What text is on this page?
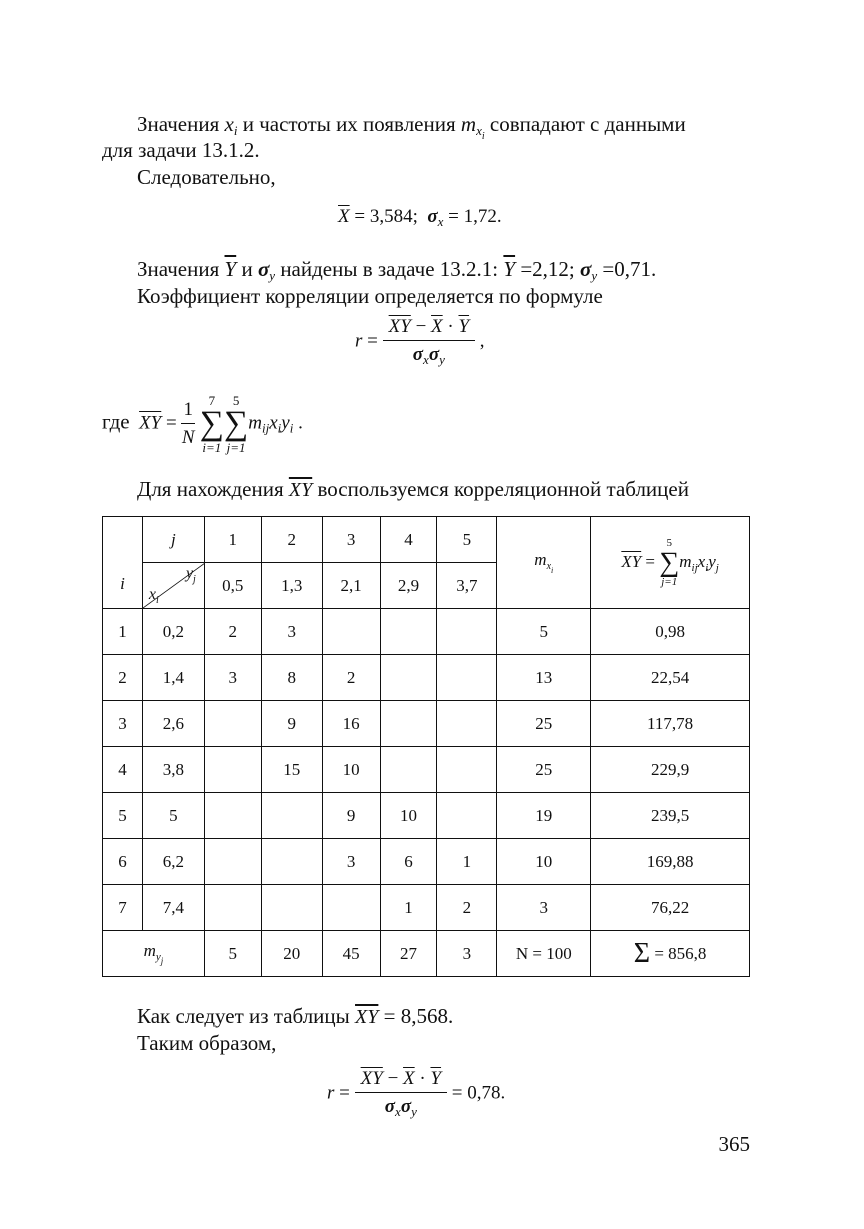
Значения $x_i$ и частоты их появления $m_{x_i}$ совпадают с данными
для задачи 13.1.2.
Следовательно,
$\overline{X} = 3,584$;  $\sigma_x = 1,72$.
Значения $\overline{Y}$ и $\sigma_y$ найдены в задаче 13.2.1: $\overline{Y} =2,12$; $\sigma_y =0,71$.
Коэффициент корреляции определяется по формуле
$r = \frac{\overline{XY} - \overline{X} \cdot \overline{Y}}{\sigma_x\sigma_y}$ ,
где $\overline{XY} = \frac{1}{N}$
	7
∑
i=1
5
∑
j=1
$m_{ij}x_iy_i$ .
Для нахождения $\overline{XY}$ воспользуемся корреляционной таблицей
i	j	1	2	3	4	5	$m_{x_i}$	$\overline{XY}$ =
5
∑
j=1
$m_{ij}x_iy_j$

	$y_j$
$x_i$	0,5	1,3	2,1	2,9	3,7		
1	0,2	2	3				5	0,98
2	1,4	3	8	2			13	22,54
3	2,6		9	16			25	117,78
4	3,8		15	10			25	229,9
5	5			9	10		19	239,5
6	6,2			3	6	1	10	169,88
7	7,4				1	2	3	76,22
$m_{y_j}$		5	20	45	27	3	N = 100	Σ = 856,8
Как следует из таблицы $\overline{XY} = 8,568$.
Таким образом,
$r = \frac{\overline{XY} - \overline{X} \cdot \overline{Y}}{\sigma_x\sigma_y} = 0,78$.
365
